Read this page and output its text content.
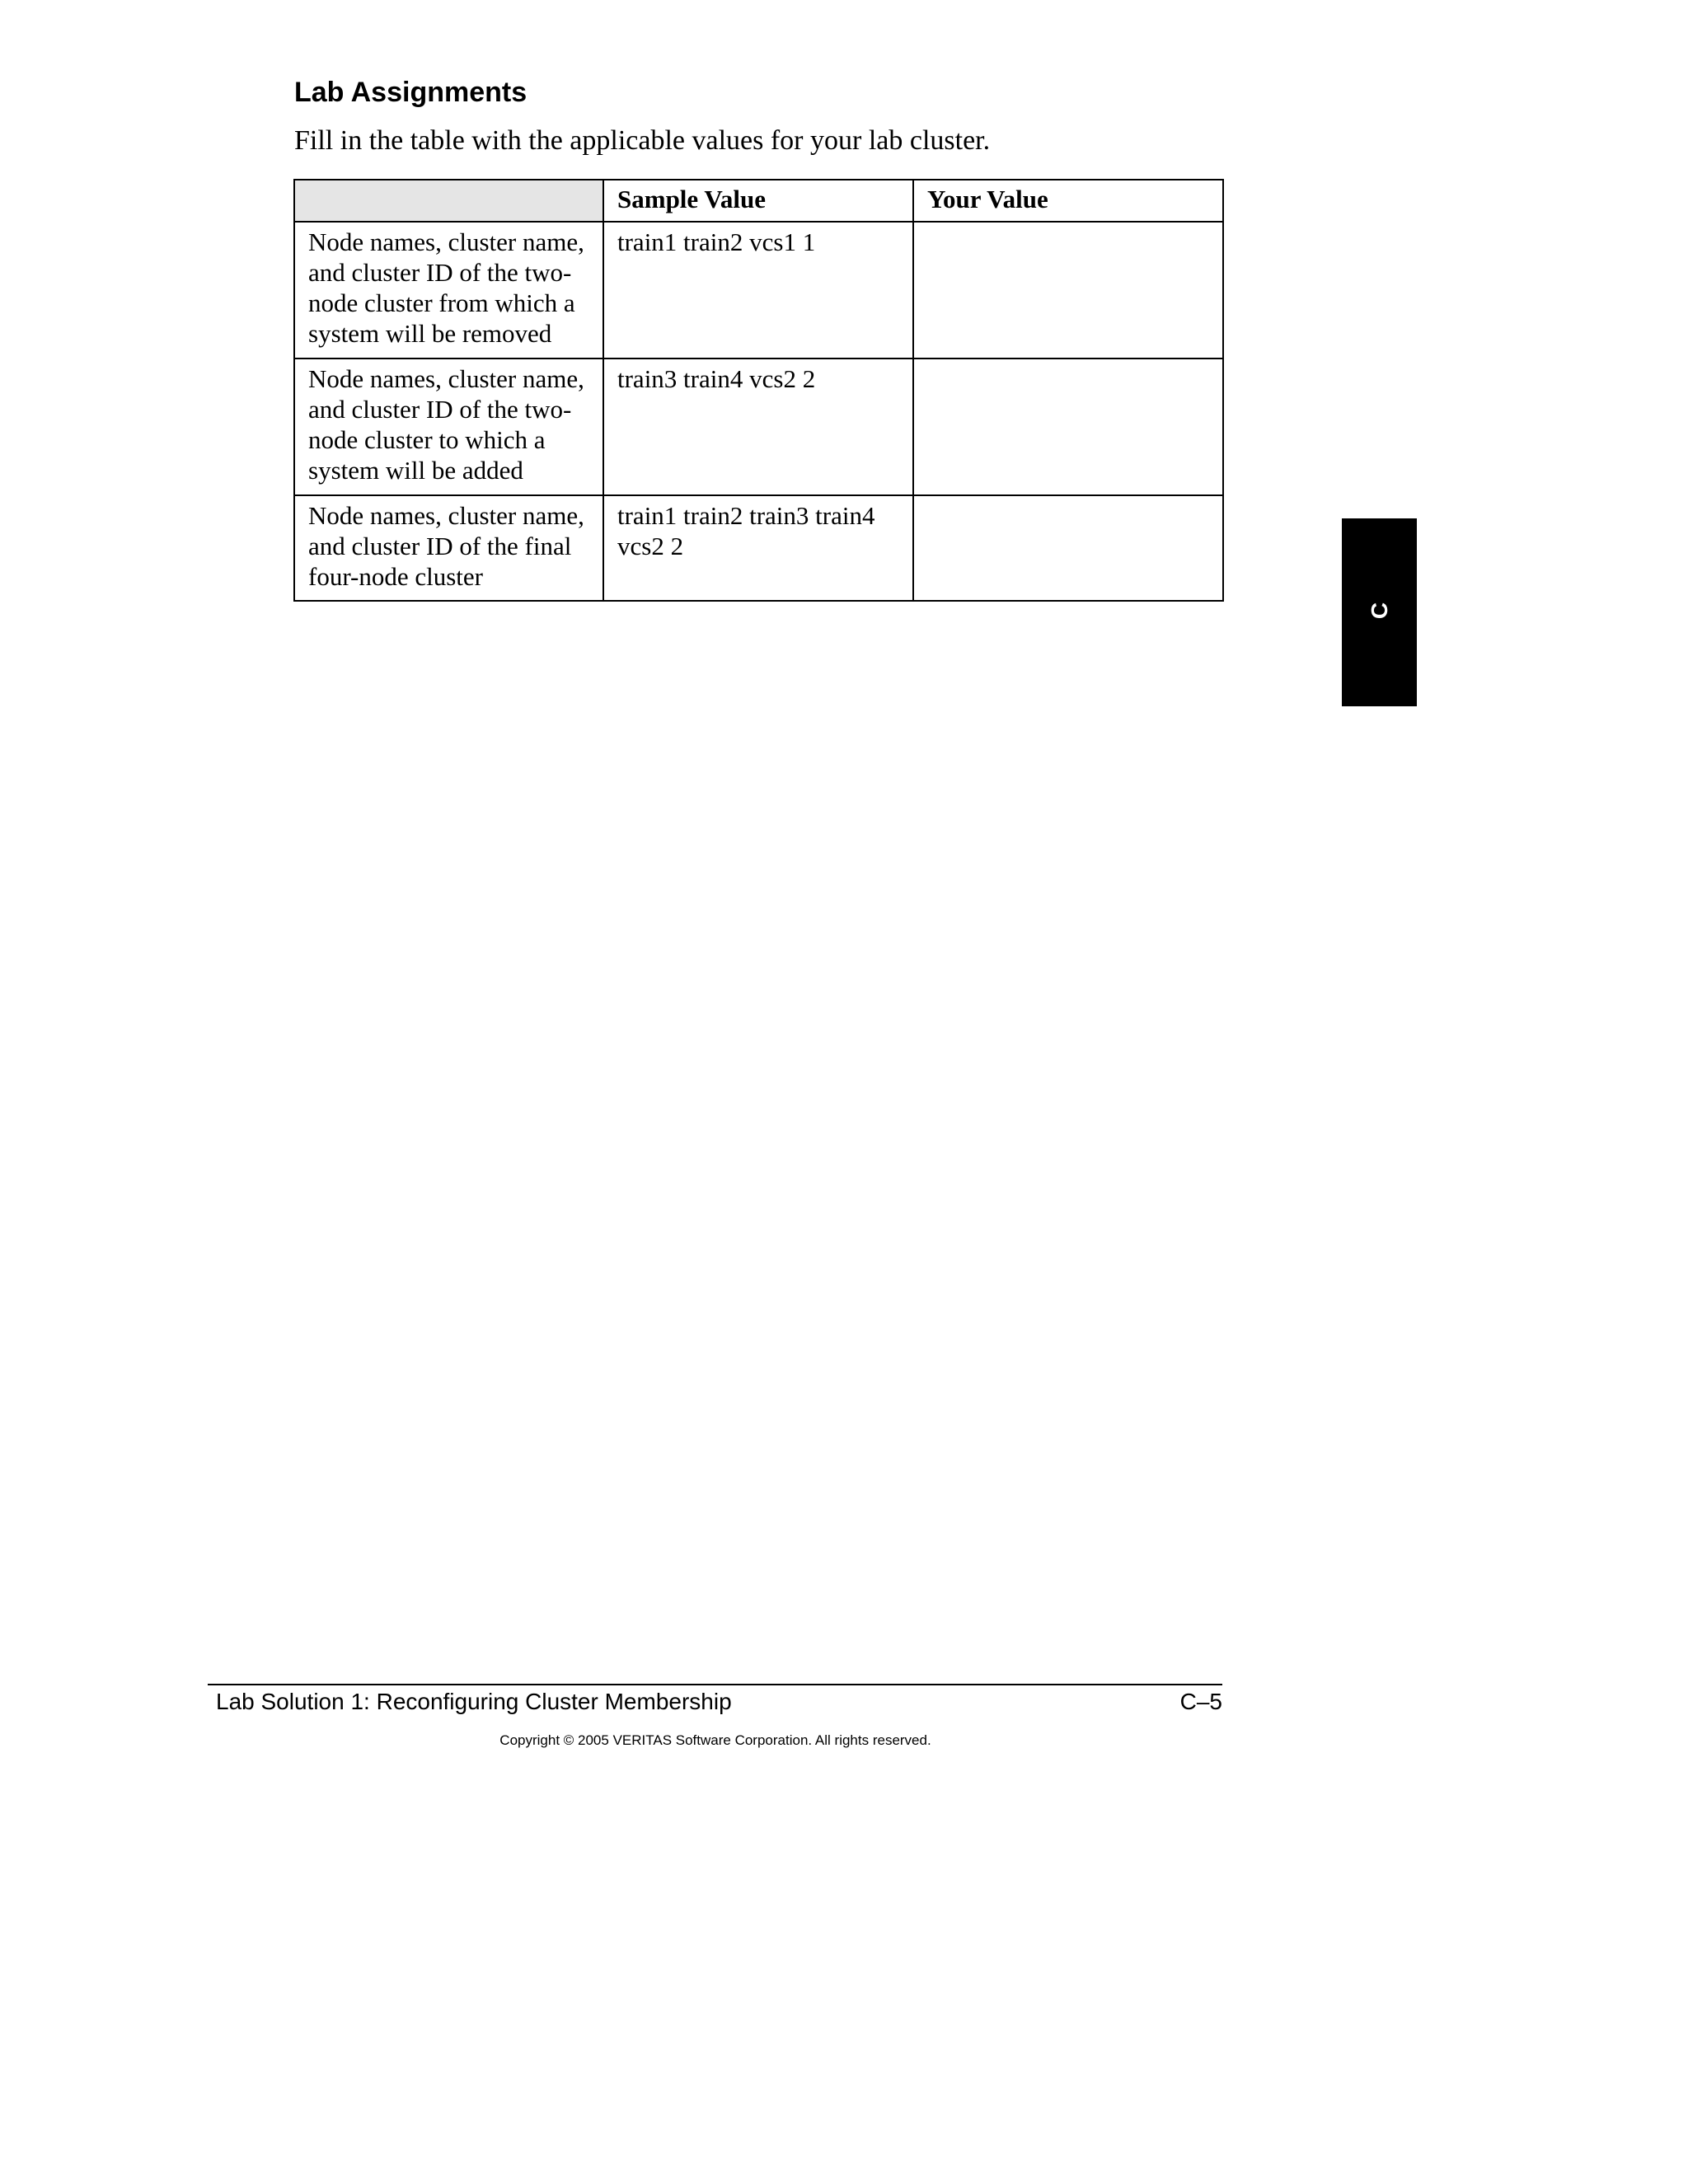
Lab Assignments

Fill in the table with the applicable values for your lab cluster.

	Sample Value	Your Value
Node names, cluster name, and cluster ID of the two-node cluster from which a system will be removed	train1 train2 vcs1 1	
Node names, cluster name, and cluster ID of the two-node cluster to which a system will be added	train3 train4 vcs2 2	
Node names, cluster name, and cluster ID of the final four-node cluster	train1 train2 train3 train4 vcs2 2	
C
Lab Solution 1: Reconfiguring Cluster Membership	C–5
Copyright © 2005 VERITAS Software Corporation. All rights reserved.
